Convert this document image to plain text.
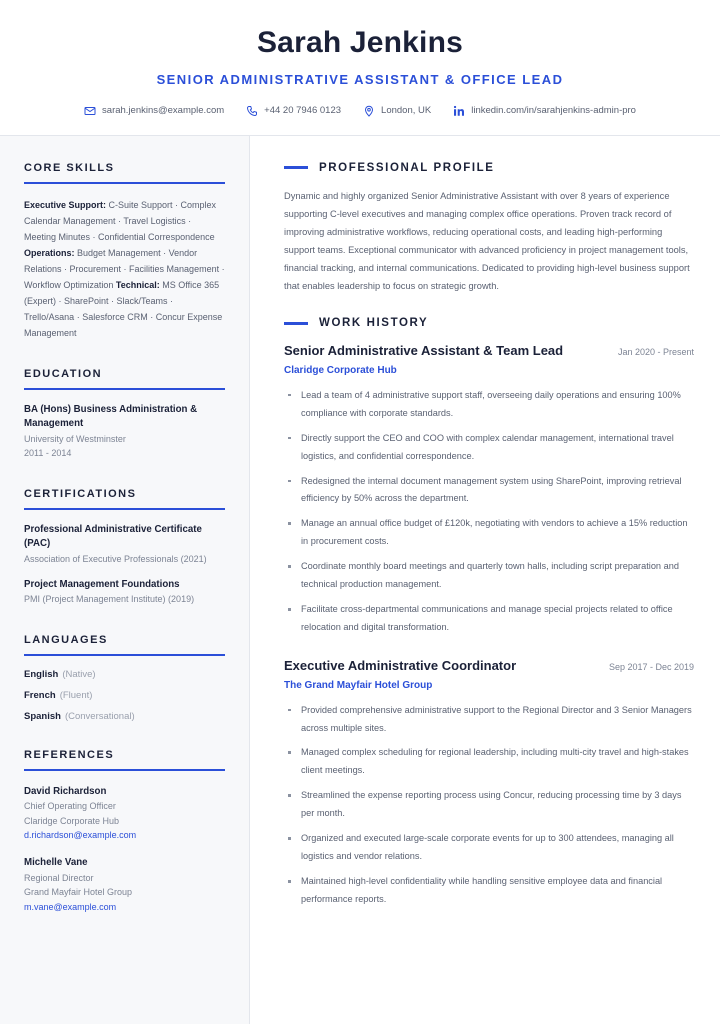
Sarah Jenkins
SENIOR ADMINISTRATIVE ASSISTANT & OFFICE LEAD
sarah.jenkins@example.com	+44 20 7946 0123	London, UK	linkedin.com/in/sarahjenkins-admin-pro
CORE SKILLS
Executive Support: C-Suite Support · Complex Calendar Management · Travel Logistics · Meeting Minutes · Confidential Correspondence Operations: Budget Management · Vendor Relations · Procurement · Facilities Management · Workflow Optimization Technical: MS Office 365 (Expert) · SharePoint · Slack/Teams · Trello/Asana · Salesforce CRM · Concur Expense Management
EDUCATION
BA (Hons) Business Administration & Management
University of Westminster
2011 - 2014
CERTIFICATIONS
Professional Administrative Certificate (PAC)
Association of Executive Professionals (2021)
Project Management Foundations
PMI (Project Management Institute) (2019)
LANGUAGES
English (Native)
French (Fluent)
Spanish (Conversational)
REFERENCES
David Richardson
Chief Operating Officer
Claridge Corporate Hub
d.richardson@example.com
Michelle Vane
Regional Director
Grand Mayfair Hotel Group
m.vane@example.com
PROFESSIONAL PROFILE

Dynamic and highly organized Senior Administrative Assistant with over 8 years of experience supporting C-level executives and managing complex office operations. Proven track record of improving administrative workflows, reducing operational costs, and leading high-performing support teams. Exceptional communicator with advanced proficiency in project management tools, financial tracking, and internal communications. Dedicated to providing high-level business support that enables leadership to focus on strategic growth.

WORK HISTORY
Senior Administrative Assistant & Team Lead	Jan 2020 - Present
Claridge Corporate Hub
Lead a team of 4 administrative support staff, overseeing daily operations and ensuring 100% compliance with corporate standards.
Directly support the CEO and COO with complex calendar management, international travel logistics, and confidential correspondence.
Redesigned the internal document management system using SharePoint, improving retrieval efficiency by 50% across the department.
Manage an annual office budget of £120k, negotiating with vendors to achieve a 15% reduction in procurement costs.
Coordinate monthly board meetings and quarterly town halls, including script preparation and technical production management.
Facilitate cross-departmental communications and manage special projects related to office relocation and digital transformation.
Executive Administrative Coordinator	Sep 2017 - Dec 2019
The Grand Mayfair Hotel Group
Provided comprehensive administrative support to the Regional Director and 3 Senior Managers across multiple sites.
Managed complex scheduling for regional leadership, including multi-city travel and high-stakes client meetings.
Streamlined the expense reporting process using Concur, reducing processing time by 3 days per month.
Organized and executed large-scale corporate events for up to 300 attendees, managing all logistics and vendor relations.
Maintained high-level confidentiality while handling sensitive employee data and financial performance reports.
